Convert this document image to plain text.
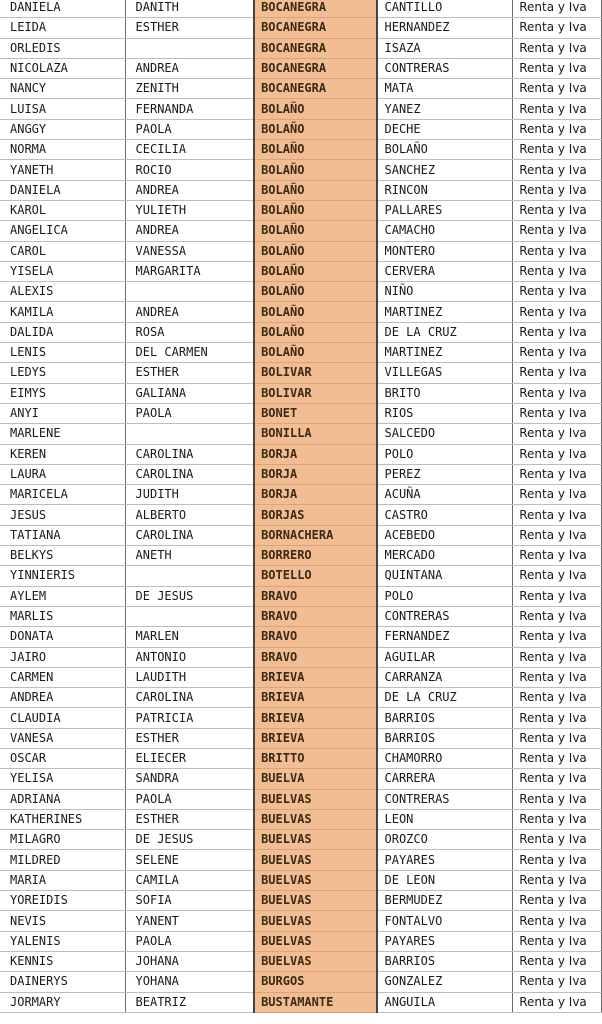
DANIELA	DANITH	BOCANEGRA	CANTILLO	Renta y Iva
LEIDA	ESTHER	BOCANEGRA	HERNANDEZ	Renta y Iva
ORLEDIS		BOCANEGRA	ISAZA	Renta y Iva
NICOLAZA	ANDREA	BOCANEGRA	CONTRERAS	Renta y Iva
NANCY	ZENITH	BOCANEGRA	MATA	Renta y Iva
LUISA	FERNANDA	BOLAÑO	YANEZ	Renta y Iva
ANGGY	PAOLA	BOLAÑO	DECHE	Renta y Iva
NORMA	CECILIA	BOLAÑO	BOLAÑO	Renta y Iva
YANETH	ROCIO	BOLAÑO	SANCHEZ	Renta y Iva
DANIELA	ANDREA	BOLAÑO	RINCON	Renta y Iva
KAROL	YULIETH	BOLAÑO	PALLARES	Renta y Iva
ANGELICA	ANDREA	BOLAÑO	CAMACHO	Renta y Iva
CAROL	VANESSA	BOLAÑO	MONTERO	Renta y Iva
YISELA	MARGARITA	BOLAÑO	CERVERA	Renta y Iva
ALEXIS		BOLAÑO	NIÑO	Renta y Iva
KAMILA	ANDREA	BOLAÑO	MARTINEZ	Renta y Iva
DALIDA	ROSA	BOLAÑO	DE LA CRUZ	Renta y Iva
LENIS	DEL CARMEN	BOLAÑO	MARTINEZ	Renta y Iva
LEDYS	ESTHER	BOLIVAR	VILLEGAS	Renta y Iva
EIMYS	GALIANA	BOLIVAR	BRITO	Renta y Iva
ANYI	PAOLA	BONET	RIOS	Renta y Iva
MARLENE		BONILLA	SALCEDO	Renta y Iva
KEREN	CAROLINA	BORJA	POLO	Renta y Iva
LAURA	CAROLINA	BORJA	PEREZ	Renta y Iva
MARICELA	JUDITH	BORJA	ACUÑA	Renta y Iva
JESUS	ALBERTO	BORJAS	CASTRO	Renta y Iva
TATIANA	CAROLINA	BORNACHERA	ACEBEDO	Renta y Iva
BELKYS	ANETH	BORRERO	MERCADO	Renta y Iva
YINNIERIS		BOTELLO	QUINTANA	Renta y Iva
AYLEM	DE JESUS	BRAVO	POLO	Renta y Iva
MARLIS		BRAVO	CONTRERAS	Renta y Iva
DONATA	MARLEN	BRAVO	FERNANDEZ	Renta y Iva
JAIRO	ANTONIO	BRAVO	AGUILAR	Renta y Iva
CARMEN	LAUDITH	BRIEVA	CARRANZA	Renta y Iva
ANDREA	CAROLINA	BRIEVA	DE LA CRUZ	Renta y Iva
CLAUDIA	PATRICIA	BRIEVA	BARRIOS	Renta y Iva
VANESA	ESTHER	BRIEVA	BARRIOS	Renta y Iva
OSCAR	ELIECER	BRITTO	CHAMORRO	Renta y Iva
YELISA	SANDRA	BUELVA	CARRERA	Renta y Iva
ADRIANA	PAOLA	BUELVAS	CONTRERAS	Renta y Iva
KATHERINES	ESTHER	BUELVAS	LEON	Renta y Iva
MILAGRO	DE JESUS	BUELVAS	OROZCO	Renta y Iva
MILDRED	SELENE	BUELVAS	PAYARES	Renta y Iva
MARIA	CAMILA	BUELVAS	DE LEON	Renta y Iva
YOREIDIS	SOFIA	BUELVAS	BERMUDEZ	Renta y Iva
NEVIS	YANENT	BUELVAS	FONTALVO	Renta y Iva
YALENIS	PAOLA	BUELVAS	PAYARES	Renta y Iva
KENNIS	JOHANA	BUELVAS	BARRIOS	Renta y Iva
DAINERYS	YOHANA	BURGOS	GONZALEZ	Renta y Iva
JORMARY	BEATRIZ	BUSTAMANTE	ANGUILA	Renta y Iva
